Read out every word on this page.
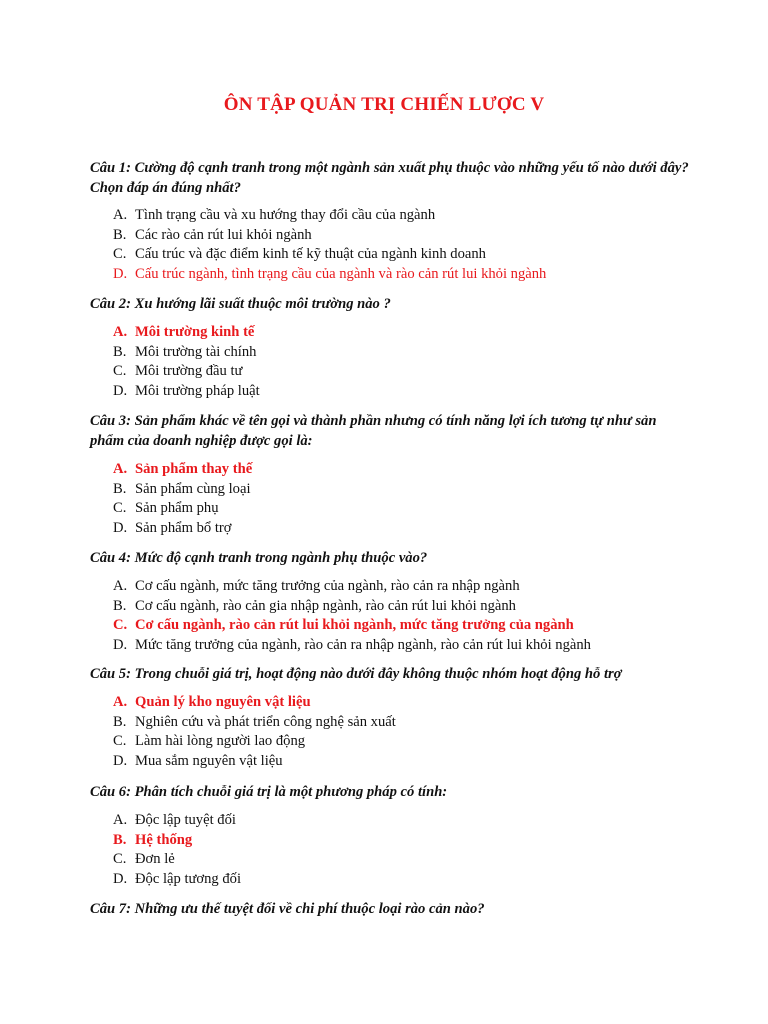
ÔN TẬP QUẢN TRỊ CHIẾN LƯỢC V
Câu 1: Cường độ cạnh tranh trong một ngành sản xuất phụ thuộc vào những yếu tố nào dưới đây? Chọn đáp án đúng nhất?
A. Tình trạng cầu và xu hướng thay đổi cầu của ngành
B. Các rào cản rút lui khỏi ngành
C. Cấu trúc và đặc điểm kinh tế kỹ thuật của ngành kinh doanh
D. Cấu trúc ngành, tình trạng cầu của ngành và rào cản rút lui khỏi ngành
Câu 2: Xu hướng lãi suất thuộc môi trường nào ?
A. Môi trường kinh tế
B. Môi trường tài chính
C. Môi trường đầu tư
D. Môi trường pháp luật
Câu 3: Sản phẩm khác về tên gọi và thành phần nhưng có tính năng lợi ích tương tự như sản phẩm của doanh nghiệp được gọi là:
A. Sản phẩm thay thế
B. Sản phẩm cùng loại
C. Sản phẩm phụ
D. Sản phẩm bổ trợ
Câu 4: Mức độ cạnh tranh trong ngành phụ thuộc vào?
A. Cơ cấu ngành, mức tăng trưởng của ngành, rào cản ra nhập ngành
B. Cơ cấu ngành, rào cản gia nhập ngành, rào cản rút lui khỏi ngành
C. Cơ cấu ngành, rào cản rút lui khỏi ngành, mức tăng trưởng của ngành
D. Mức tăng trưởng của ngành, rào cản ra nhập ngành, rào cản rút lui khỏi ngành
Câu 5: Trong chuỗi giá trị, hoạt động nào dưới đây không thuộc nhóm hoạt động hỗ trợ
A. Quản lý kho nguyên vật liệu
B. Nghiên cứu và phát triển công nghệ sản xuất
C. Làm hài lòng người lao động
D. Mua sắm nguyên vật liệu
Câu 6: Phân tích chuỗi giá trị là một phương pháp có tính:
A. Độc lập tuyệt đối
B. Hệ thống
C. Đơn lẻ
D. Độc lập tương đối
Câu 7: Những ưu thế tuyệt đối về chi phí thuộc loại rào cản nào?
